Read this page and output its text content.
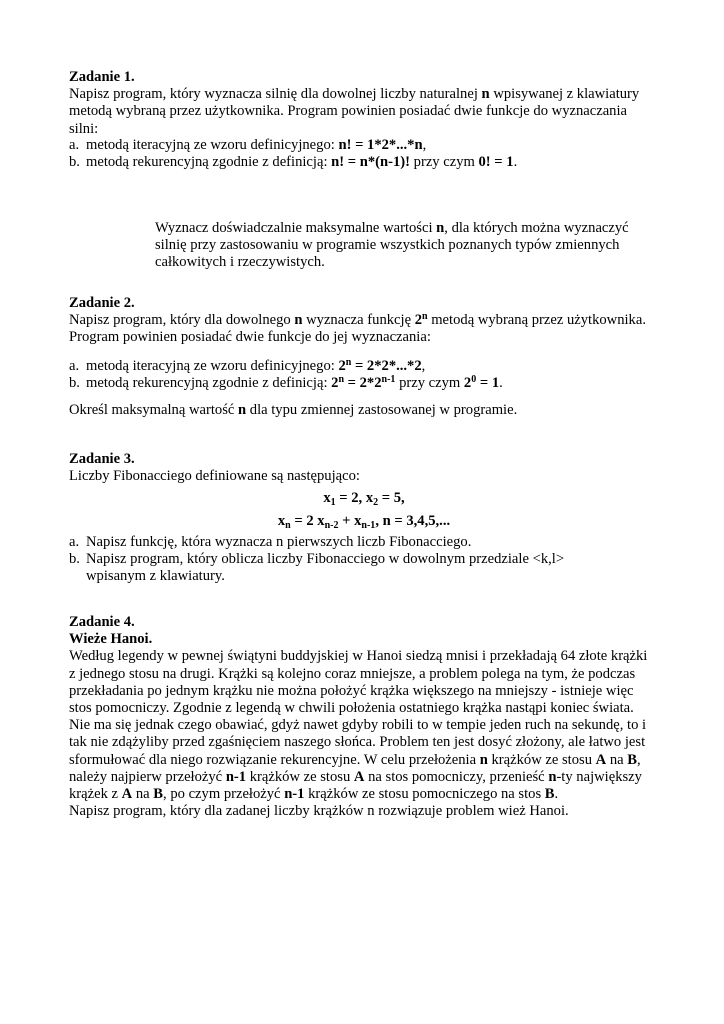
Zadanie 1.

Napisz program, który wyznacza silnię dla dowolnej liczby naturalnej n wpisywanej z klawiatury

metodą wybraną przez użytkownika. Program powinien posiadać dwie funkcje do wyznaczania

silni:

a. metodą iteracyjną ze wzoru definicyjnego: n! = 1*2*...*n,
b. metodą rekurencyjną zgodnie z definicją: n! = n*(n-1)! przy czym 0! = 1.

Wyznacz doświadczalnie maksymalne wartości n, dla których można wyznaczyć

silnię przy zastosowaniu w programie wszystkich poznanych typów zmiennych

całkowitych i rzeczywistych.

Zadanie 2.

Napisz program, który dla dowolnego n wyznacza funkcję 2$^n$ metodą wybraną przez użytkownika.

Program powinien posiadać dwie funkcje do jej wyznaczania:

a. metodą iteracyjną ze wzoru definicyjnego: $2^n = 2*2*...*2$,
b. metodą rekurencyjną zgodnie z definicją: $2^n = 2*2^{n-1}$ przy czym $2^0 = 1$.

Określ maksymalną wartość n dla typu zmiennej zastosowanej w programie.

Zadanie 3.

Liczby Fibonacciego definiowane są następująco:

$x_1 = 2$, $x_2 = 5$,

$x_n = 2$ $x_{n-2} + x_{n-1}$, n = 3,4,5,...

a. Napisz funkcję, która wyznacza n pierwszych liczb Fibonacciego.
b. Napisz program, który oblicza liczby Fibonacciego w dowolnym przedziale <k,l>
wpisanym z klawiatury.

Zadanie 4.

Wieże Hanoi.

Według legendy w pewnej świątyni buddyjskiej w Hanoi siedzą mnisi i przekładają 64 złote krążki

z jednego stosu na drugi. Krążki są kolejno coraz mniejsze, a problem polega na tym, że podczas

przekładania po jednym krążku nie można położyć krążka większego na mniejszy - istnieje więc

stos pomocniczy. Zgodnie z legendą w chwili położenia ostatniego krążka nastąpi koniec świata.

Nie ma się jednak czego obawiać, gdyż nawet gdyby robili to w tempie jeden ruch na sekundę, to i

tak nie zdążyliby przed zgaśnięciem naszego słońca. Problem ten jest dosyć złożony, ale łatwo jest

sformułować dla niego rozwiązanie rekurencyjne. W celu przełożenia n krążków ze stosu A na B,

należy najpierw przełożyć n-1 krążków ze stosu A na stos pomocniczy, przenieść n-ty największy

krążek z A na B, po czym przełożyć n-1 krążków ze stosu pomocniczego na stos B.

Napisz program, który dla zadanej liczby krążków n rozwiązuje problem wież Hanoi.
